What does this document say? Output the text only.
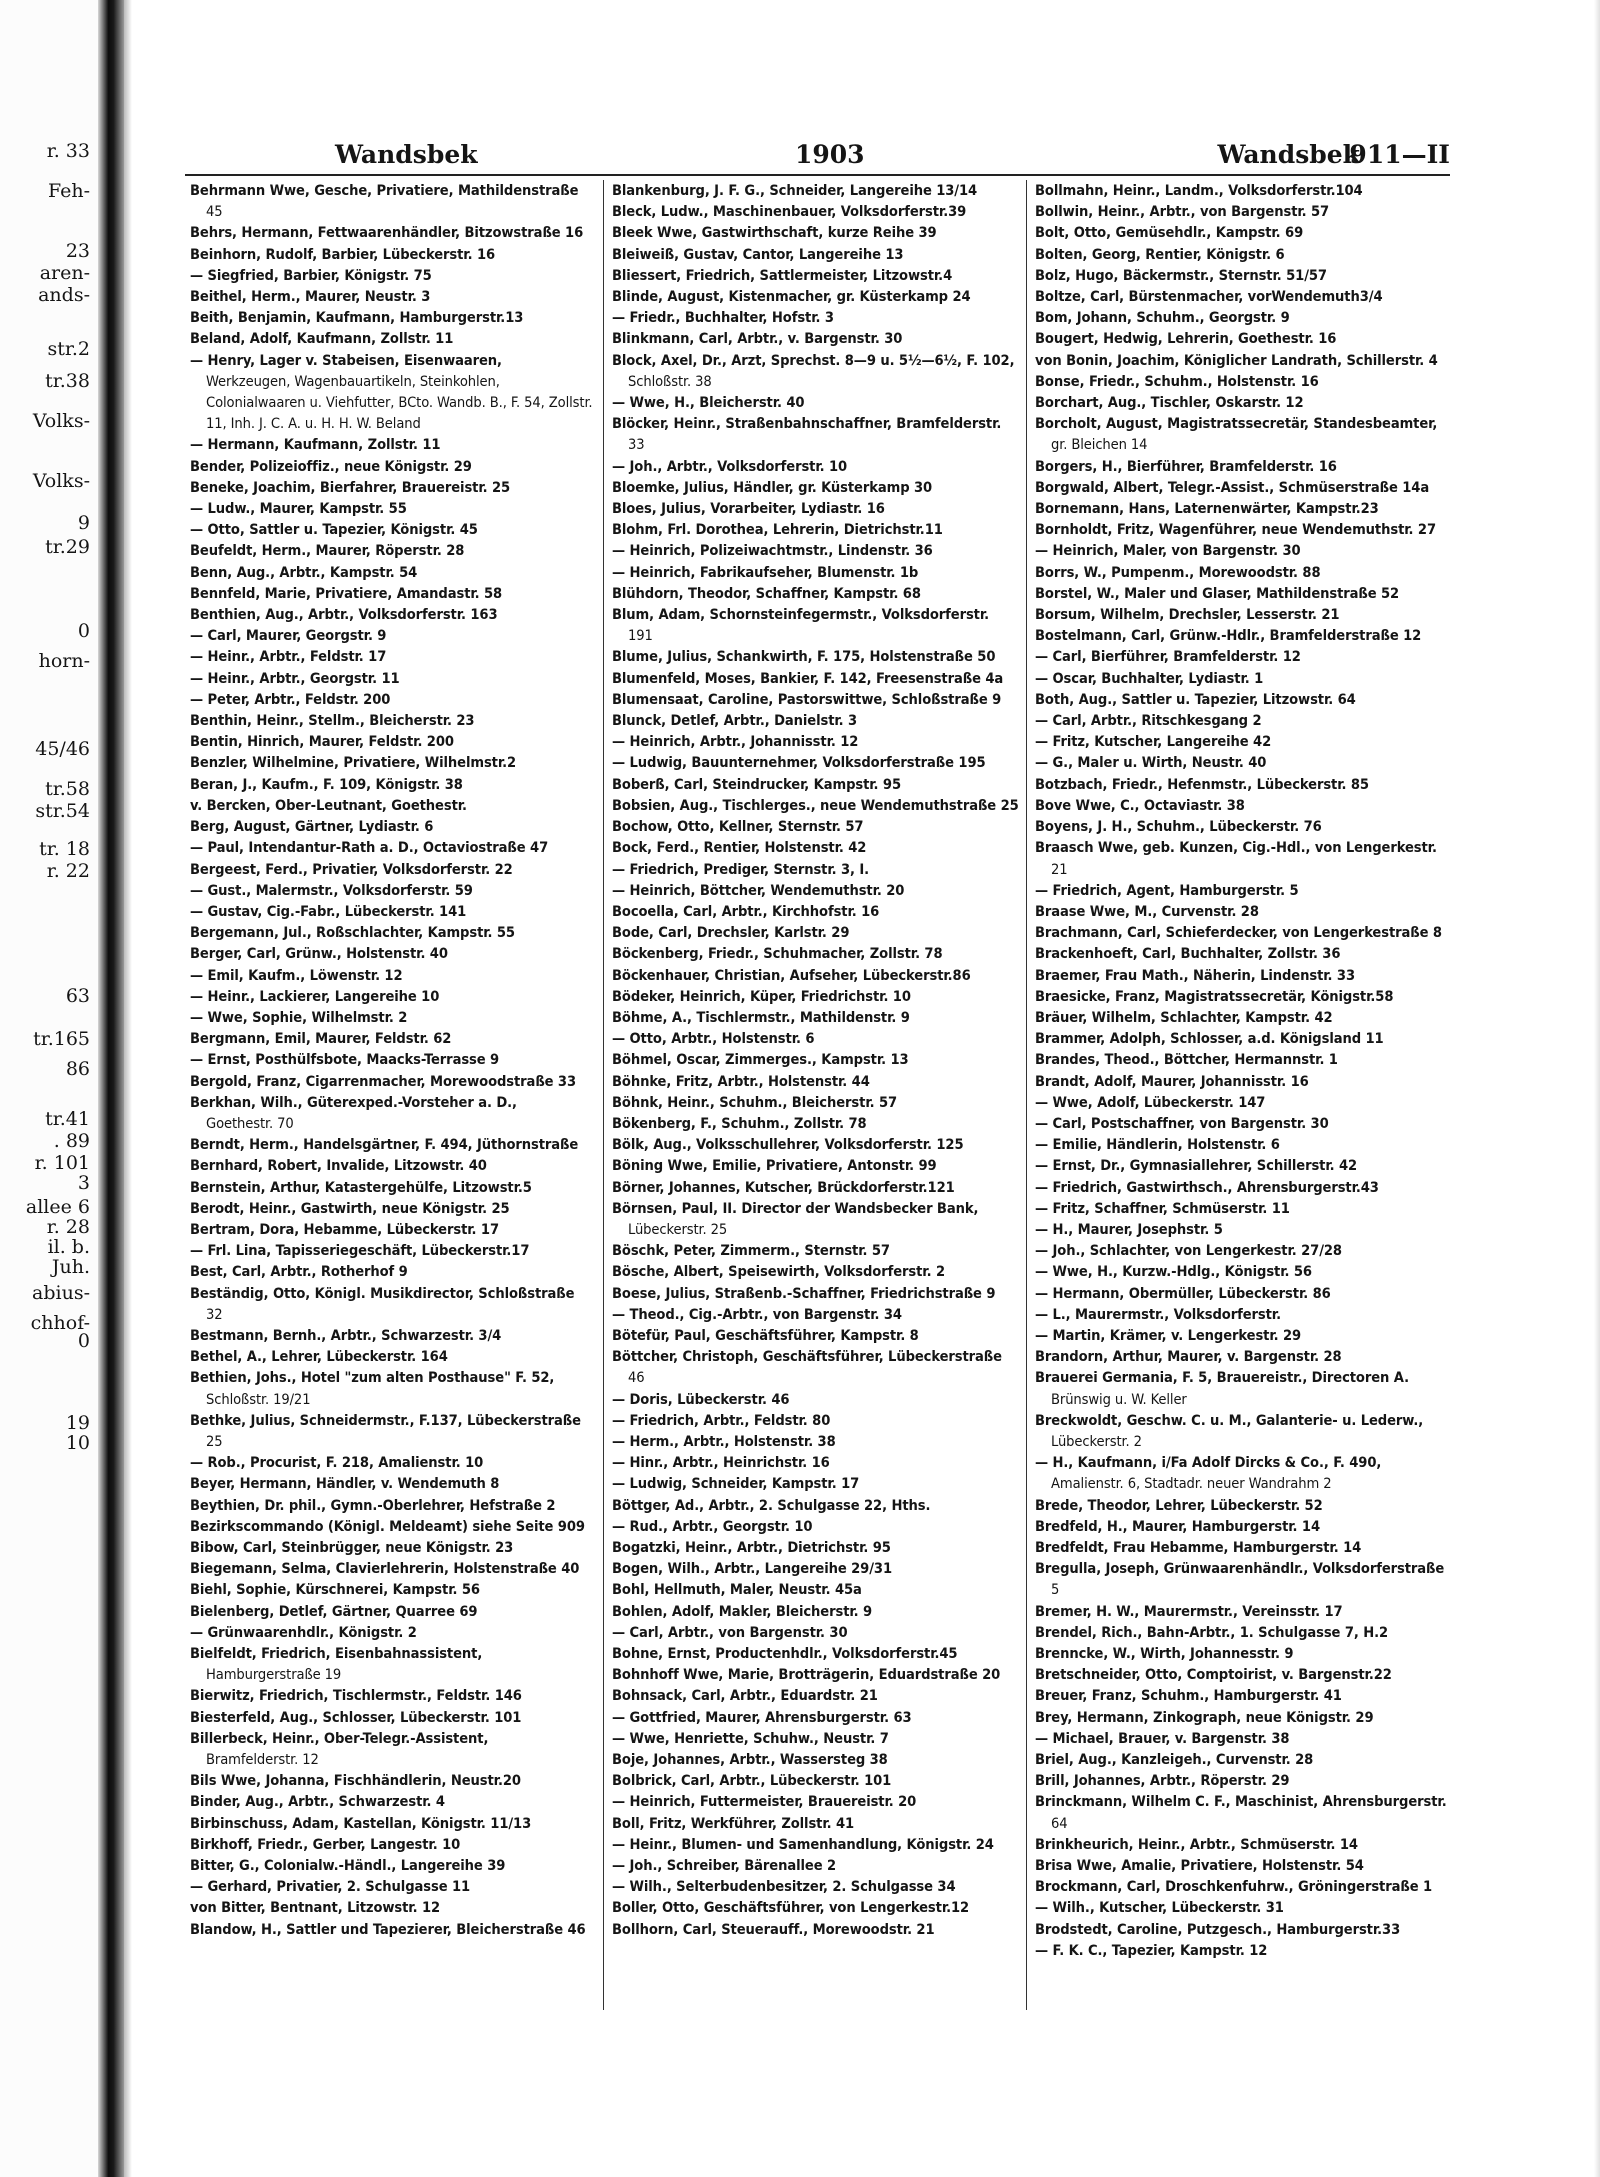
r. 33
Feh-
23
aren-
ands-
str.2
tr.38
Volks-
Volks-
9
tr.29
0
horn-
45/46
tr.58
str.54
tr. 18
r. 22
63
tr.165
86
tr.41
. 89
r. 101
3
allee 6
r. 28
il. b.
Juh.
abius-
chhof-
0
19
10
Wandsbek	1903	Wandsbek
911—II
Behrmann Wwe, Gesche, Privatiere, Mathildenstraße 45
Behrs, Hermann, Fettwaarenhändler, Bitzowstraße 16
Beinhorn, Rudolf, Barbier, Lübeckerstr. 16
— Siegfried, Barbier, Königstr. 75
Beithel, Herm., Maurer, Neustr. 3
Beith, Benjamin, Kaufmann, Hamburgerstr.13
Beland, Adolf, Kaufmann, Zollstr. 11
— Henry, Lager v. Stabeisen, Eisenwaaren, Werkzeugen, Wagenbauartikeln, Steinkohlen, Colonialwaaren u. Viehfutter, BCto. Wandb. B., F. 54, Zollstr. 11, Inh. J. C. A. u. H. H. W. Beland
— Hermann, Kaufmann, Zollstr. 11
Bender, Polizeioffiz., neue Königstr. 29
Beneke, Joachim, Bierfahrer, Brauereistr. 25
— Ludw., Maurer, Kampstr. 55
— Otto, Sattler u. Tapezier, Königstr. 45
Beufeldt, Herm., Maurer, Röperstr. 28
Benn, Aug., Arbtr., Kampstr. 54
Bennfeld, Marie, Privatiere, Amandastr. 58
Benthien, Aug., Arbtr., Volksdorferstr. 163
— Carl, Maurer, Georgstr. 9
— Heinr., Arbtr., Feldstr. 17
— Heinr., Arbtr., Georgstr. 11
— Peter, Arbtr., Feldstr. 200
Benthin, Heinr., Stellm., Bleicherstr. 23
Bentin, Hinrich, Maurer, Feldstr. 200
Benzler, Wilhelmine, Privatiere, Wilhelmstr.2
Beran, J., Kaufm., F. 109, Königstr. 38
v. Bercken, Ober-Leutnant, Goethestr.
Berg, August, Gärtner, Lydiastr. 6
— Paul, Intendantur-Rath a. D., Octaviostraße 47
Bergeest, Ferd., Privatier, Volksdorferstr. 22
— Gust., Malermstr., Volksdorferstr. 59
— Gustav, Cig.-Fabr., Lübeckerstr. 141
Bergemann, Jul., Roßschlachter, Kampstr. 55
Berger, Carl, Grünw., Holstenstr. 40
— Emil, Kaufm., Löwenstr. 12
— Heinr., Lackierer, Langereihe 10
— Wwe, Sophie, Wilhelmstr. 2
Bergmann, Emil, Maurer, Feldstr. 62
— Ernst, Posthülfsbote, Maacks-Terrasse 9
Bergold, Franz, Cigarrenmacher, Morewoodstraße 33
Berkhan, Wilh., Güterexped.-Vorsteher a. D., Goethestr. 70
Berndt, Herm., Handelsgärtner, F. 494, Jüthornstraße
Bernhard, Robert, Invalide, Litzowstr. 40
Bernstein, Arthur, Katastergehülfe, Litzowstr.5
Berodt, Heinr., Gastwirth, neue Königstr. 25
Bertram, Dora, Hebamme, Lübeckerstr. 17
— Frl. Lina, Tapisseriegeschäft, Lübeckerstr.17
Best, Carl, Arbtr., Rotherhof 9
Beständig, Otto, Königl. Musikdirector, Schloßstraße 32
Bestmann, Bernh., Arbtr., Schwarzestr. 3/4
Bethel, A., Lehrer, Lübeckerstr. 164
Bethien, Johs., Hotel "zum alten Posthause" F. 52, Schloßstr. 19/21
Bethke, Julius, Schneidermstr., F.137, Lübeckerstraße 25
— Rob., Procurist, F. 218, Amalienstr. 10
Beyer, Hermann, Händler, v. Wendemuth 8
Beythien, Dr. phil., Gymn.-Oberlehrer, Hefstraße 2
Bezirkscommando (Königl. Meldeamt) siehe Seite 909
Bibow, Carl, Steinbrügger, neue Königstr. 23
Biegemann, Selma, Clavierlehrerin, Holstenstraße 40
Biehl, Sophie, Kürschnerei, Kampstr. 56
Bielenberg, Detlef, Gärtner, Quarree 69
— Grünwaarenhdlr., Königstr. 2
Bielfeldt, Friedrich, Eisenbahnassistent, Hamburgerstraße 19
Bierwitz, Friedrich, Tischlermstr., Feldstr. 146
Biesterfeld, Aug., Schlosser, Lübeckerstr. 101
Billerbeck, Heinr., Ober-Telegr.-Assistent, Bramfelderstr. 12
Bils Wwe, Johanna, Fischhändlerin, Neustr.20
Binder, Aug., Arbtr., Schwarzestr. 4
Birbinschuss, Adam, Kastellan, Königstr. 11/13
Birkhoff, Friedr., Gerber, Langestr. 10
Bitter, G., Colonialw.-Händl., Langereihe 39
— Gerhard, Privatier, 2. Schulgasse 11
von Bitter, Bentnant, Litzowstr. 12
Blandow, H., Sattler und Tapezierer, Bleicherstraße 46
Blankenburg, J. F. G., Schneider, Langereihe 13/14
Bleck, Ludw., Maschinenbauer, Volksdorferstr.39
Bleek Wwe, Gastwirthschaft, kurze Reihe 39
Bleiweiß, Gustav, Cantor, Langereihe 13
Bliessert, Friedrich, Sattlermeister, Litzowstr.4
Blinde, August, Kistenmacher, gr. Küsterkamp 24
— Friedr., Buchhalter, Hofstr. 3
Blinkmann, Carl, Arbtr., v. Bargenstr. 30
Block, Axel, Dr., Arzt, Sprechst. 8—9 u. 5½—6½, F. 102, Schloßstr. 38
— Wwe, H., Bleicherstr. 40
Blöcker, Heinr., Straßenbahnschaffner, Bramfelderstr. 33
— Joh., Arbtr., Volksdorferstr. 10
Bloemke, Julius, Händler, gr. Küsterkamp 30
Bloes, Julius, Vorarbeiter, Lydiastr. 16
Blohm, Frl. Dorothea, Lehrerin, Dietrichstr.11
— Heinrich, Polizeiwachtmstr., Lindenstr. 36
— Heinrich, Fabrikaufseher, Blumenstr. 1b
Blühdorn, Theodor, Schaffner, Kampstr. 68
Blum, Adam, Schornsteinfegermstr., Volksdorferstr. 191
Blume, Julius, Schankwirth, F. 175, Holstenstraße 50
Blumenfeld, Moses, Bankier, F. 142, Freesenstraße 4a
Blumensaat, Caroline, Pastorswittwe, Schloßstraße 9
Blunck, Detlef, Arbtr., Danielstr. 3
— Heinrich, Arbtr., Johannisstr. 12
— Ludwig, Bauunternehmer, Volksdorferstraße 195
Boberß, Carl, Steindrucker, Kampstr. 95
Bobsien, Aug., Tischlerges., neue Wendemuthstraße 25
Bochow, Otto, Kellner, Sternstr. 57
Bock, Ferd., Rentier, Holstenstr. 42
— Friedrich, Prediger, Sternstr. 3, I.
— Heinrich, Böttcher, Wendemuthstr. 20
Bocoella, Carl, Arbtr., Kirchhofstr. 16
Bode, Carl, Drechsler, Karlstr. 29
Böckenberg, Friedr., Schuhmacher, Zollstr. 78
Böckenhauer, Christian, Aufseher, Lübeckerstr.86
Bödeker, Heinrich, Küper, Friedrichstr. 10
Böhme, A., Tischlermstr., Mathildenstr. 9
— Otto, Arbtr., Holstenstr. 6
Böhmel, Oscar, Zimmerges., Kampstr. 13
Böhnke, Fritz, Arbtr., Holstenstr. 44
Böhnk, Heinr., Schuhm., Bleicherstr. 57
Bökenberg, F., Schuhm., Zollstr. 78
Bölk, Aug., Volksschullehrer, Volksdorferstr. 125
Böning Wwe, Emilie, Privatiere, Antonstr. 99
Börner, Johannes, Kutscher, Brückdorferstr.121
Börnsen, Paul, II. Director der Wandsbecker Bank, Lübeckerstr. 25
Böschk, Peter, Zimmerm., Sternstr. 57
Bösche, Albert, Speisewirth, Volksdorferstr. 2
Boese, Julius, Straßenb.-Schaffner, Friedrichstraße 9
— Theod., Cig.-Arbtr., von Bargenstr. 34
Bötefür, Paul, Geschäftsführer, Kampstr. 8
Böttcher, Christoph, Geschäftsführer, Lübeckerstraße 46
— Doris, Lübeckerstr. 46
— Friedrich, Arbtr., Feldstr. 80
— Herm., Arbtr., Holstenstr. 38
— Hinr., Arbtr., Heinrichstr. 16
— Ludwig, Schneider, Kampstr. 17
Böttger, Ad., Arbtr., 2. Schulgasse 22, Hths.
— Rud., Arbtr., Georgstr. 10
Bogatzki, Heinr., Arbtr., Dietrichstr. 95
Bogen, Wilh., Arbtr., Langereihe 29/31
Bohl, Hellmuth, Maler, Neustr. 45a
Bohlen, Adolf, Makler, Bleicherstr. 9
— Carl, Arbtr., von Bargenstr. 30
Bohne, Ernst, Productenhdlr., Volksdorferstr.45
Bohnhoff Wwe, Marie, Brotträgerin, Eduardstraße 20
Bohnsack, Carl, Arbtr., Eduardstr. 21
— Gottfried, Maurer, Ahrensburgerstr. 63
— Wwe, Henriette, Schuhw., Neustr. 7
Boje, Johannes, Arbtr., Wassersteg 38
Bolbrick, Carl, Arbtr., Lübeckerstr. 101
— Heinrich, Futtermeister, Brauereistr. 20
Boll, Fritz, Werkführer, Zollstr. 41
— Heinr., Blumen- und Samenhandlung, Königstr. 24
— Joh., Schreiber, Bärenallee 2
— Wilh., Selterbudenbesitzer, 2. Schulgasse 34
Boller, Otto, Geschäftsführer, von Lengerkestr.12
Bollhorn, Carl, Steuerauff., Morewoodstr. 21
Bollmahn, Heinr., Landm., Volksdorferstr.104
Bollwin, Heinr., Arbtr., von Bargenstr. 57
Bolt, Otto, Gemüsehdlr., Kampstr. 69
Bolten, Georg, Rentier, Königstr. 6
Bolz, Hugo, Bäckermstr., Sternstr. 51/57
Boltze, Carl, Bürstenmacher, vorWendemuth3/4
Bom, Johann, Schuhm., Georgstr. 9
Bougert, Hedwig, Lehrerin, Goethestr. 16
von Bonin, Joachim, Königlicher Landrath, Schillerstr. 4
Bonse, Friedr., Schuhm., Holstenstr. 16
Borchart, Aug., Tischler, Oskarstr. 12
Borcholt, August, Magistratssecretär, Standesbeamter, gr. Bleichen 14
Borgers, H., Bierführer, Bramfelderstr. 16
Borgwald, Albert, Telegr.-Assist., Schmüserstraße 14a
Bornemann, Hans, Laternenwärter, Kampstr.23
Bornholdt, Fritz, Wagenführer, neue Wendemuthstr. 27
— Heinrich, Maler, von Bargenstr. 30
Borrs, W., Pumpenm., Morewoodstr. 88
Borstel, W., Maler und Glaser, Mathildenstraße 52
Borsum, Wilhelm, Drechsler, Lesserstr. 21
Bostelmann, Carl, Grünw.-Hdlr., Bramfelderstraße 12
— Carl, Bierführer, Bramfelderstr. 12
— Oscar, Buchhalter, Lydiastr. 1
Both, Aug., Sattler u. Tapezier, Litzowstr. 64
— Carl, Arbtr., Ritschkesgang 2
— Fritz, Kutscher, Langereihe 42
— G., Maler u. Wirth, Neustr. 40
Botzbach, Friedr., Hefenmstr., Lübeckerstr. 85
Bove Wwe, C., Octaviastr. 38
Boyens, J. H., Schuhm., Lübeckerstr. 76
Braasch Wwe, geb. Kunzen, Cig.-Hdl., von Lengerkestr. 21
— Friedrich, Agent, Hamburgerstr. 5
Braase Wwe, M., Curvenstr. 28
Brachmann, Carl, Schieferdecker, von Lengerkestraße 8
Brackenhoeft, Carl, Buchhalter, Zollstr. 36
Braemer, Frau Math., Näherin, Lindenstr. 33
Braesicke, Franz, Magistratssecretär, Königstr.58
Bräuer, Wilhelm, Schlachter, Kampstr. 42
Brammer, Adolph, Schlosser, a.d. Königsland 11
Brandes, Theod., Böttcher, Hermannstr. 1
Brandt, Adolf, Maurer, Johannisstr. 16
— Wwe, Adolf, Lübeckerstr. 147
— Carl, Postschaffner, von Bargenstr. 30
— Emilie, Händlerin, Holstenstr. 6
— Ernst, Dr., Gymnasiallehrer, Schillerstr. 42
— Friedrich, Gastwirthsch., Ahrensburgerstr.43
— Fritz, Schaffner, Schmüserstr. 11
— H., Maurer, Josephstr. 5
— Joh., Schlachter, von Lengerkestr. 27/28
— Wwe, H., Kurzw.-Hdlg., Königstr. 56
— Hermann, Obermüller, Lübeckerstr. 86
— L., Maurermstr., Volksdorferstr.
— Martin, Krämer, v. Lengerkestr. 29
Brandorn, Arthur, Maurer, v. Bargenstr. 28
Brauerei Germania, F. 5, Brauereistr., Directoren A. Brünswig u. W. Keller
Breckwoldt, Geschw. C. u. M., Galanterie- u. Lederw., Lübeckerstr. 2
— H., Kaufmann, i/Fa Adolf Dircks & Co., F. 490, Amalienstr. 6, Stadtadr. neuer Wandrahm 2
Brede, Theodor, Lehrer, Lübeckerstr. 52
Bredfeld, H., Maurer, Hamburgerstr. 14
Bredfeldt, Frau Hebamme, Hamburgerstr. 14
Bregulla, Joseph, Grünwaarenhändlr., Volksdorferstraße 5
Bremer, H. W., Maurermstr., Vereinsstr. 17
Brendel, Rich., Bahn-Arbtr., 1. Schulgasse 7, H.2
Brenncke, W., Wirth, Johannesstr. 9
Bretschneider, Otto, Comptoirist, v. Bargenstr.22
Breuer, Franz, Schuhm., Hamburgerstr. 41
Brey, Hermann, Zinkograph, neue Königstr. 29
— Michael, Brauer, v. Bargenstr. 38
Briel, Aug., Kanzleigeh., Curvenstr. 28
Brill, Johannes, Arbtr., Röperstr. 29
Brinckmann, Wilhelm C. F., Maschinist, Ahrensburgerstr. 64
Brinkheurich, Heinr., Arbtr., Schmüserstr. 14
Brisa Wwe, Amalie, Privatiere, Holstenstr. 54
Brockmann, Carl, Droschkenfuhrw., Gröningerstraße 1
— Wilh., Kutscher, Lübeckerstr. 31
Brodstedt, Caroline, Putzgesch., Hamburgerstr.33
— F. K. C., Tapezier, Kampstr. 12
